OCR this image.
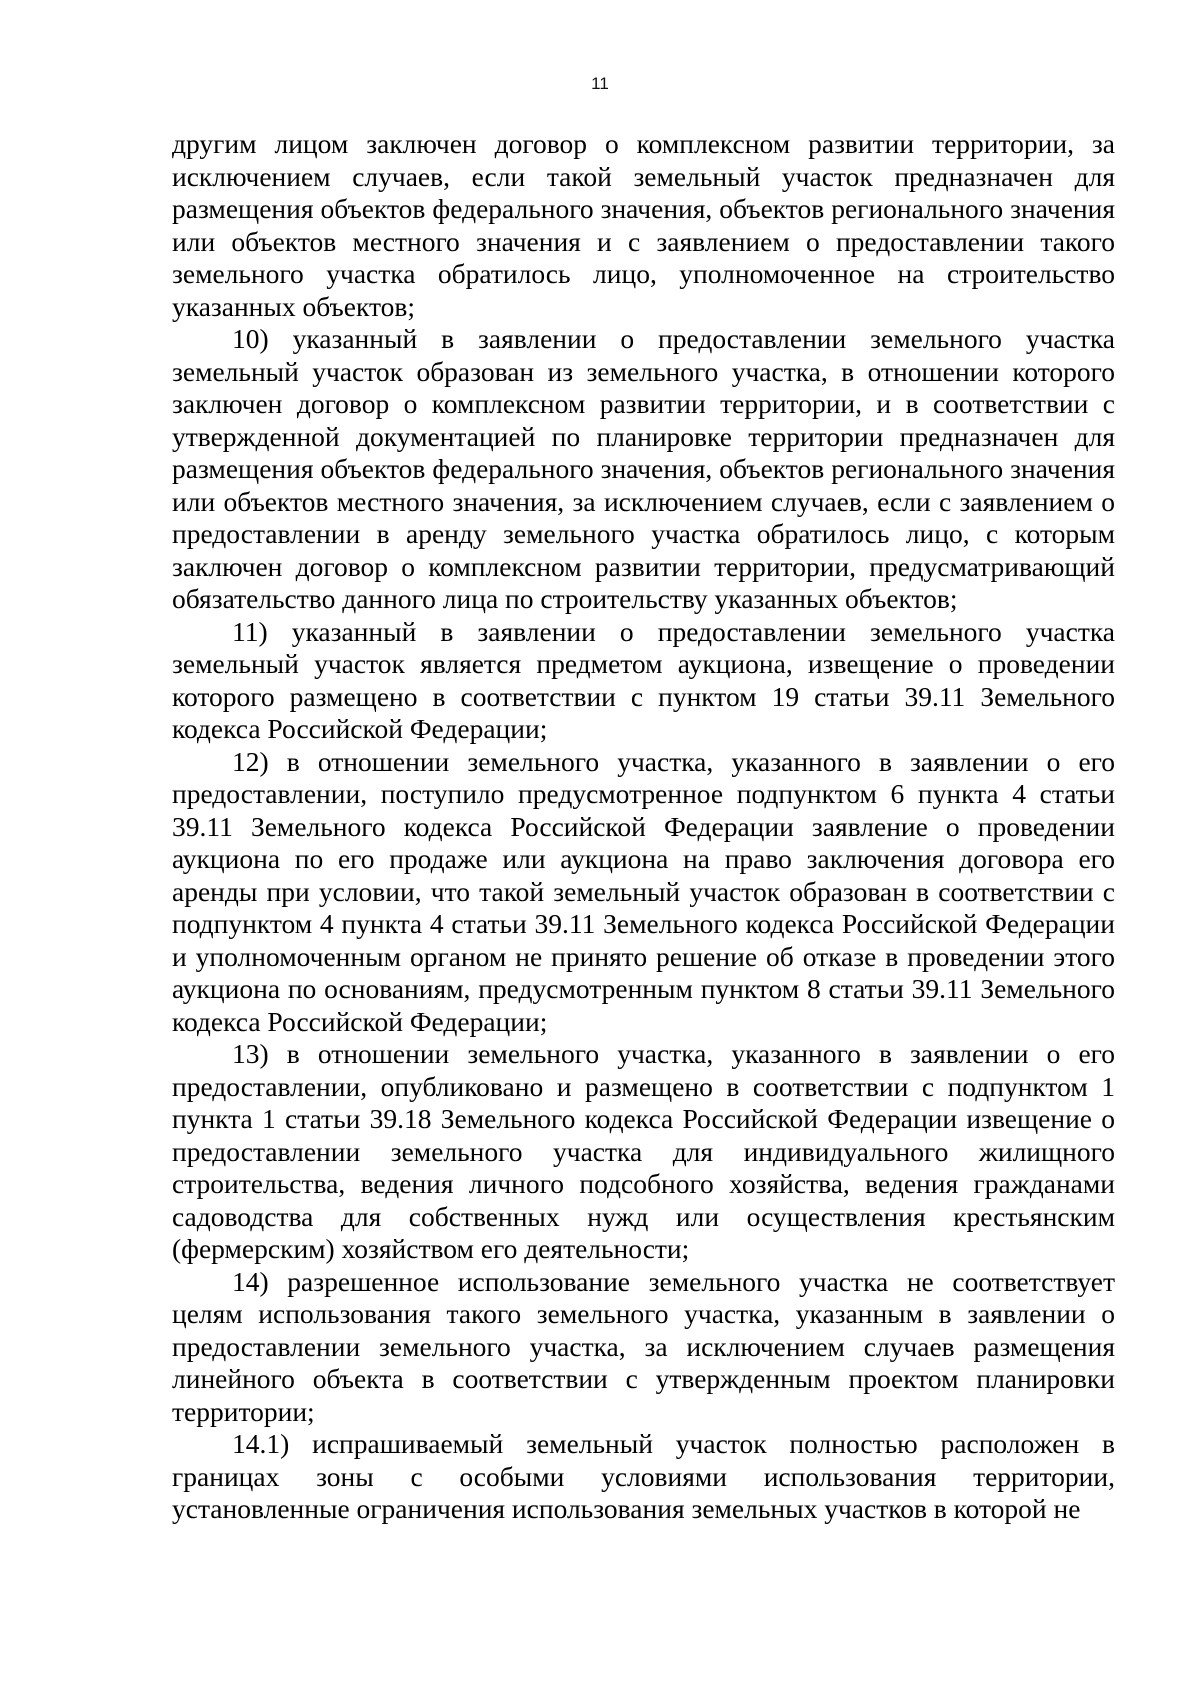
11

другим лицом заключен договор о комплексном развитии территории, за исключением случаев, если такой земельный участок предназначен для размещения объектов федерального значения, объектов регионального значения или объектов местного значения и с заявлением о предоставлении такого земельного участка обратилось лицо, уполномоченное на строительство указанных объектов;

10) указанный в заявлении о предоставлении земельного участка земельный участок образован из земельного участка, в отношении которого заключен договор о комплексном развитии территории, и в соответствии с утвержденной документацией по планировке территории предназначен для размещения объектов федерального значения, объектов регионального значения или объектов местного значения, за исключением случаев, если с заявлением о предоставлении в аренду земельного участка обратилось лицо, с которым заключен договор о комплексном развитии территории, предусматривающий обязательство данного лица по строительству указанных объектов;

11) указанный в заявлении о предоставлении земельного участка земельный участок является предметом аукциона, извещение о проведении которого размещено в соответствии с пунктом 19 статьи 39.11 Земельного кодекса Российской Федерации;

12) в отношении земельного участка, указанного в заявлении о его предоставлении, поступило предусмотренное подпунктом 6 пункта 4 статьи 39.11 Земельного кодекса Российской Федерации заявление о проведении аукциона по его продаже или аукциона на право заключения договора его аренды при условии, что такой земельный участок образован в соответствии с подпунктом 4 пункта 4 статьи 39.11 Земельного кодекса Российской Федерации и уполномоченным органом не принято решение об отказе в проведении этого аукциона по основаниям, предусмотренным пунктом 8 статьи 39.11 Земельного кодекса Российской Федерации;

13) в отношении земельного участка, указанного в заявлении о его предоставлении, опубликовано и размещено в соответствии с подпунктом 1 пункта 1 статьи 39.18 Земельного кодекса Российской Федерации извещение о предоставлении земельного участка для индивидуального жилищного строительства, ведения личного подсобного хозяйства, ведения гражданами садоводства для собственных нужд или осуществления крестьянским (фермерским) хозяйством его деятельности;

14) разрешенное использование земельного участка не соответствует целям использования такого земельного участка, указанным в заявлении о предоставлении земельного участка, за исключением случаев размещения линейного объекта в соответствии с утвержденным проектом планировки территории;

14.1) испрашиваемый земельный участок полностью расположен в границах зоны с особыми условиями использования территории, установленные ограничения использования земельных участков в которой не
